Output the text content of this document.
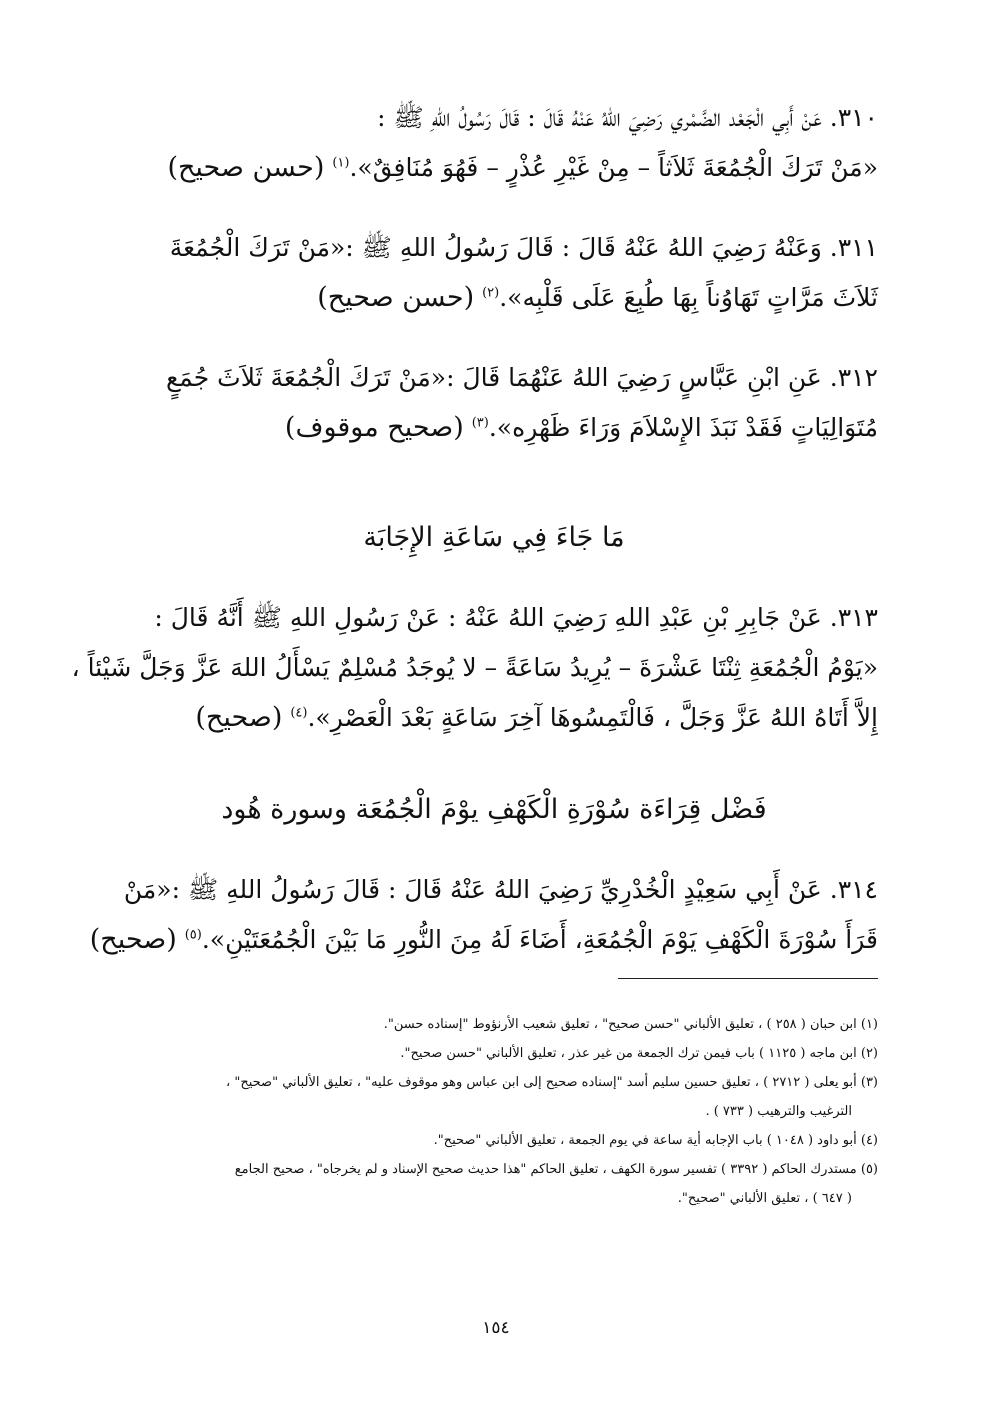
٣١٠. عَنْ أَبِي الْجَعْد الضَّمْري رَضِيَ اللهُ عَنْهُ قَالَ : قَالَ رَسُولُ اللهِ ﷺ :
«مَنْ تَرَكَ الْجُمُعَةَ ثَلاَثاً – مِنْ غَيْرِ عُذْرٍ – فَهُوَ مُنَافِقٌ».$^{(١)}$ (حسن صحيح)
٣١١. وَعَنْهُ رَضِيَ اللهُ عَنْهُ قَالَ : قَالَ رَسُولُ اللهِ ﷺ :«مَنْ تَرَكَ الْجُمُعَةَ
ثَلاَثَ مَرَّاتٍ تَهَاوُناً بِهَا طُبِعَ عَلَى قَلْبِه».$^{(٢)}$ (حسن صحيح)
٣١٢. عَنِ ابْنِ عَبَّاسٍ رَضِيَ اللهُ عَنْهُمَا قَالَ :«مَنْ تَرَكَ الْجُمُعَةَ ثَلاَثَ جُمَعٍ
مُتَوَالِيَاتٍ فَقَدْ نَبَذَ الإِسْلاَمَ وَرَاءَ ظَهْرِه».$^{(٣)}$ (صحيح موقوف)
مَا جَاءَ فِي سَاعَةِ الإِجَابَة
٣١٣. عَنْ جَابِرِ بْنِ عَبْدِ اللهِ رَضِيَ اللهُ عَنْهُ : عَنْ رَسُولِ اللهِ ﷺ أَنَّهُ قَالَ :
«يَوْمُ الْجُمُعَةِ ثِنْتَا عَشْرَةَ – يُرِيدُ سَاعَةً – لا يُوجَدُ مُسْلِمٌ يَسْأَلُ اللهَ عَزَّ وَجَلَّ شَيْئاً ،
إِلاَّ أَتَاهُ اللهُ عَزَّ وَجَلَّ ، فَالْتَمِسُوهَا آخِرَ سَاعَةٍ بَعْدَ الْعَصْرِ».$^{(٤)}$ (صحيح)
فَضْل قِرَاءَة سُوْرَةِ الْكَهْفِ يوْمَ الْجُمُعَة وسورة هُود
٣١٤. عَنْ أَبِي سَعِيْدٍ الْخُدْرِيِّ رَضِيَ اللهُ عَنْهُ قَالَ : قَالَ رَسُولُ اللهِ ﷺ :«مَنْ
قَرَأَ سُوْرَةَ الْكَهْفِ يَوْمَ الْجُمُعَةِ، أَضَاءَ لَهُ مِنَ النُّورِ مَا بَيْنَ الْجُمُعَتَيْنِ».$^{(٥)}$ (صحيح)
(١) ابن حبان ( ٢٥٨ ) ، تعليق الألباني "حسن صحيح" ، تعليق شعيب الأرنؤوط "إسناده حسن".
(٢) ابن ماجه ( ١١٢٥ ) باب فيمن ترك الجمعة من غير عذر ، تعليق الألباني "حسن صحيح".
(٣) أبو يعلى ( ٢٧١٢ ) ، تعليق حسين سليم أسد "إسناده صحيح إلى ابن عباس وهو موقوف عليه" ، تعليق الألباني "صحيح" ،
الترغيب والترهيب ( ٧٣٣ ) .
(٤) أبو داود ( ١٠٤٨ ) باب الإجابه أية ساعة في يوم الجمعة ، تعليق الألباني "صحيح".
(٥) مستدرك الحاكم ( ٣٣٩٢ ) تفسير سورة الكهف ، تعليق الحاكم "هذا حديث صحيح الإسناد و لم يخرجاه" ، صحيح الجامع
( ٦٤٧ ) ، تعليق الألباني "صحيح".
١٥٤
